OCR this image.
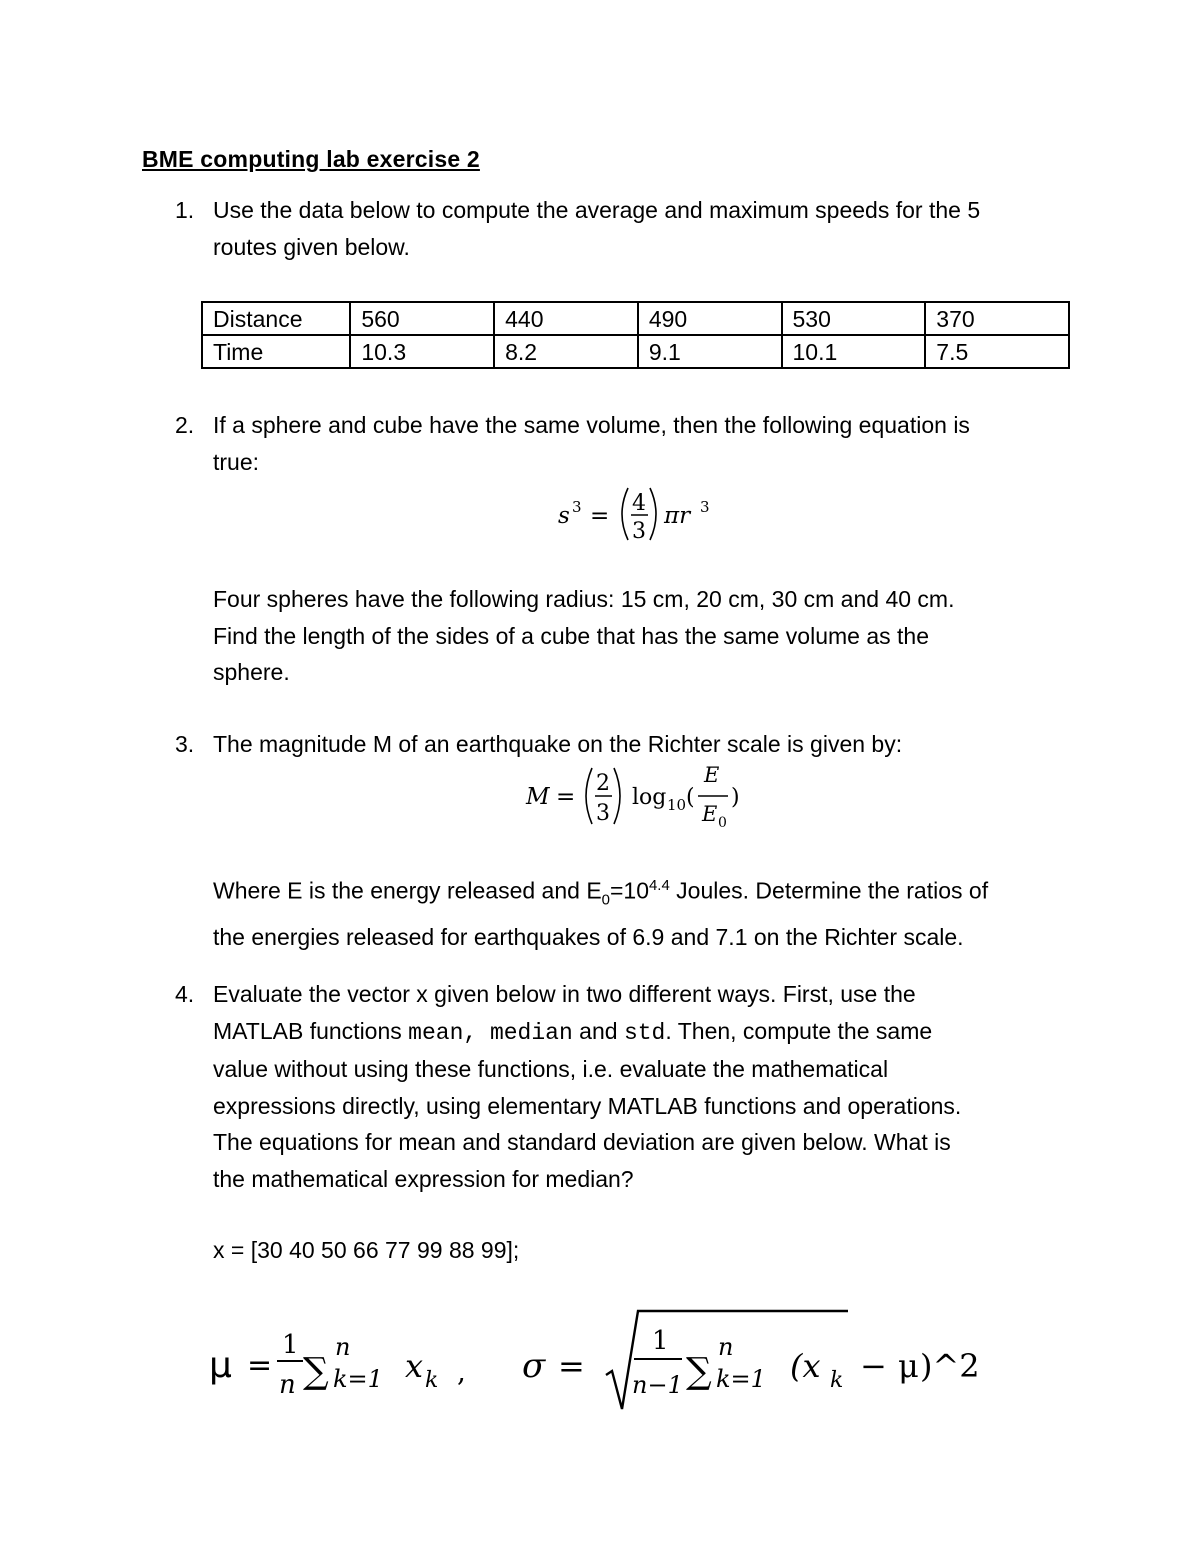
BME computing lab exercise 2
1. Use the data below to compute the average and maximum speeds for the 5
routes given below.
Distance	560	440	490	530	370
Time	10.3	8.2	9.1	10.1	7.5
2. If a sphere and cube have the same volume, then the following equation is
true:
s 3 = 4
3
πr 3
Four spheres have the following radius: 15 cm, 20 cm, 30 cm and 40 cm.
Find the length of the sides of a cube that has the same volume as the
sphere.
3. The magnitude M of an earthquake on the Richter scale is given by:
M =
2
3
log 10 (
E
E 0
)
Where E is the energy released and $E_0=10^{4.4}$ Joules. Determine the ratios of
the energies released for earthquakes of 6.9 and 7.1 on the Richter scale.
4. Evaluate the vector x given below in two different ways. First, use the
MATLAB functions mean, median and std. Then, compute the same
value without using these functions, i.e. evaluate the mathematical
expressions directly, using elementary MATLAB functions and operations.
The equations for mean and standard deviation are given below. What is
the mathematical expression for median?
x = [30 40 50 66 77 99 88 99];
μ =
1
n ∑
n
k=1 x k , σ =
1
n−1 ∑
n
k=1 (x k − μ )^2
